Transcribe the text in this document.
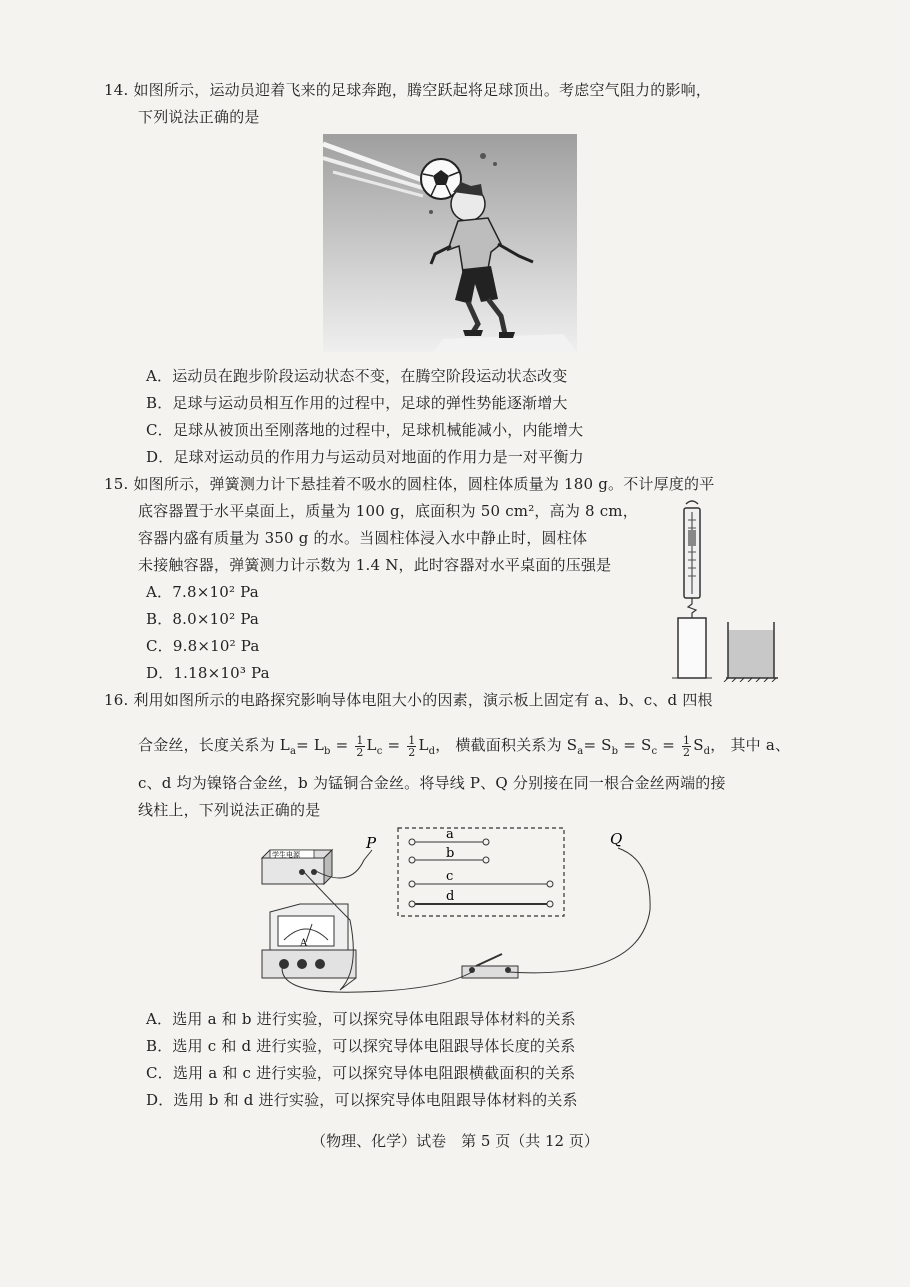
14. 如图所示，运动员迎着飞来的足球奔跑，腾空跃起将足球顶出。考虑空气阻力的影响，
下列说法正确的是
A．运动员在跑步阶段运动状态不变，在腾空阶段运动状态改变
B．足球与运动员相互作用的过程中，足球的弹性势能逐渐增大
C．足球从被顶出至刚落地的过程中，足球机械能减小，内能增大
D．足球对运动员的作用力与运动员对地面的作用力是一对平衡力
15. 如图所示，弹簧测力计下悬挂着不吸水的圆柱体，圆柱体质量为 180 g。不计厚度的平
底容器置于水平桌面上，质量为 100 g，底面积为 50 cm²，高为 8 cm，
容器内盛有质量为 350 g 的水。当圆柱体浸入水中静止时，圆柱体
未接触容器，弹簧测力计示数为 1.4 N，此时容器对水平桌面的压强是
A．7.8×10² Pa
B．8.0×10² Pa
C．9.8×10² Pa
D．1.18×10³ Pa
16. 利用如图所示的电路探究影响导体电阻大小的因素，演示板上固定有 a、b、c、d 四根
合金丝，长度关系为 $L_a= L_b = \frac{1}{2} L_c = \frac{1}{2} L_d$， 横截面积关系为 $S_a= S_b = S_c = \frac{1}{2} S_d$， 其中 a、
c、d 均为镍铬合金丝，b 为锰铜合金丝。将导线 P、Q 分别接在同一根合金丝两端的接
线柱上，下列说法正确的是
a
b
c
d
P	Q
学生电源
A
A．选用 a 和 b 进行实验，可以探究导体电阻跟导体材料的关系
B．选用 c 和 d 进行实验，可以探究导体电阻跟导体长度的关系
C．选用 a 和 c 进行实验，可以探究导体电阻跟横截面积的关系
D．选用 b 和 d 进行实验，可以探究导体电阻跟导体材料的关系
（物理、化学）试卷　第 5 页（共 12 页）
